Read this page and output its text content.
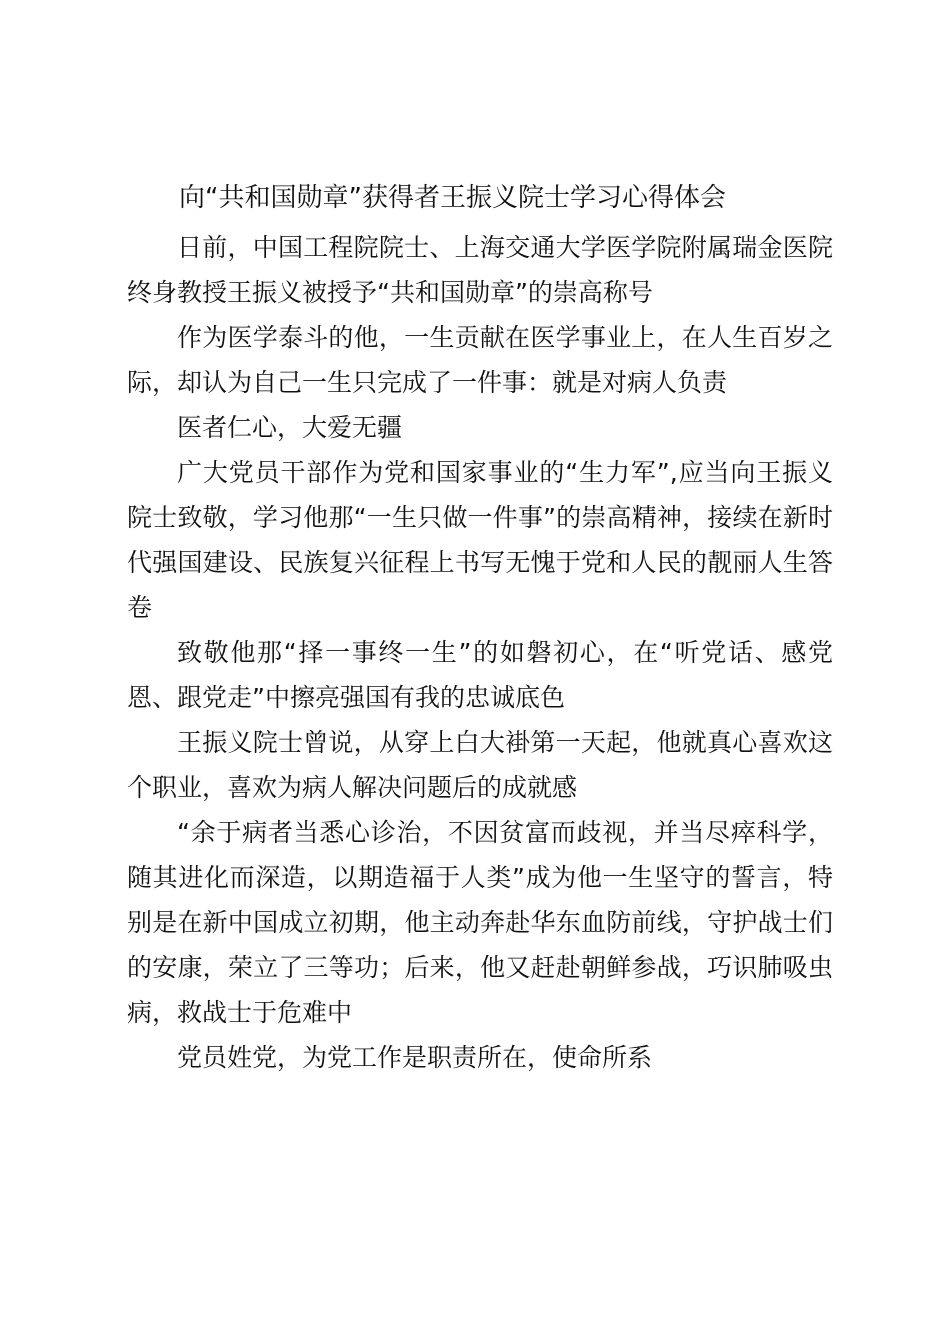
向“共和国勋章”获得者王振义院士学习心得体会

日前，中国工程院院士、上海交通大学医学院附属瑞金医院终身教授王振义被授予“共和国勋章”的崇高称号

作为医学泰斗的他，一生贡献在医学事业上，在人生百岁之际，却认为自己一生只完成了一件事：就是对病人负责

医者仁心，大爱无疆

广大党员干部作为党和国家事业的“生力军”,应当向王振义院士致敬，学习他那“一生只做一件事”的崇高精神，接续在新时代强国建设、民族复兴征程上书写无愧于党和人民的靓丽人生答卷

致敬他那“择一事终一生”的如磐初心，在“听党话、感党恩、跟党走”中擦亮强国有我的忠诚底色

王振义院士曾说，从穿上白大褂第一天起，他就真心喜欢这个职业，喜欢为病人解决问题后的成就感

“余于病者当悉心诊治，不因贫富而歧视，并当尽瘁科学，随其进化而深造，以期造福于人类”成为他一生坚守的誓言，特别是在新中国成立初期，他主动奔赴华东血防前线，守护战士们的安康，荣立了三等功；后来，他又赶赴朝鲜参战，巧识肺吸虫病，救战士于危难中

党员姓党，为党工作是职责所在，使命所系
